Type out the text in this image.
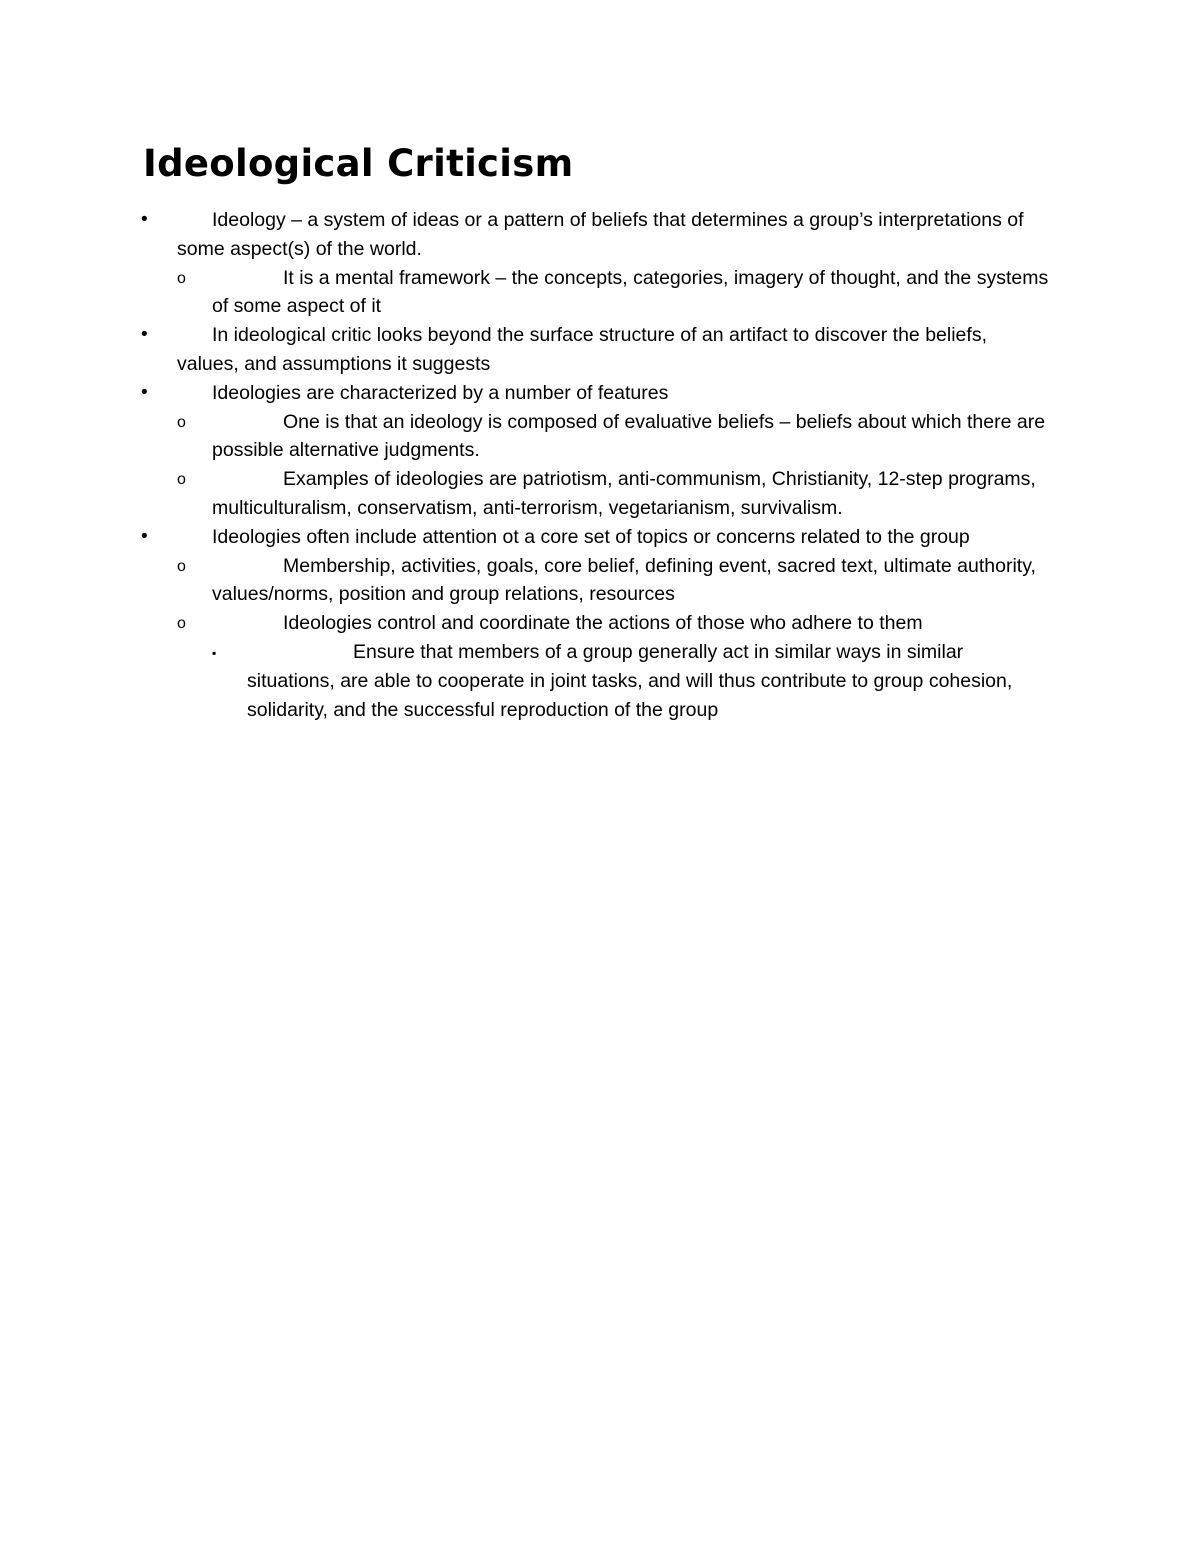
Ideological Criticism
•	Ideology – a system of ideas or a pattern of beliefs that determines a group’s interpretations of some aspect(s) of the world.
o	It is a mental framework – the concepts, categories, imagery of thought, and the systems of some aspect of it
•	In ideological critic looks beyond the surface structure of an artifact to discover the beliefs, values, and assumptions it suggests
•	Ideologies are characterized by a number of features
o	One is that an ideology is composed of evaluative beliefs – beliefs about which there are possible alternative judgments.
o	Examples of ideologies are patriotism, anti-communism, Christianity, 12-step programs, multiculturalism, conservatism, anti-terrorism, vegetarianism, survivalism.
•	Ideologies often include attention ot a core set of topics or concerns related to the group
o	Membership, activities, goals, core belief, defining event, sacred text, ultimate authority, values/norms, position and group relations, resources
o	Ideologies control and coordinate the actions of those who adhere to them
▪	Ensure that members of a group generally act in similar ways in similar situations, are able to cooperate in joint tasks, and will thus contribute to group cohesion, solidarity, and the successful reproduction of the group
